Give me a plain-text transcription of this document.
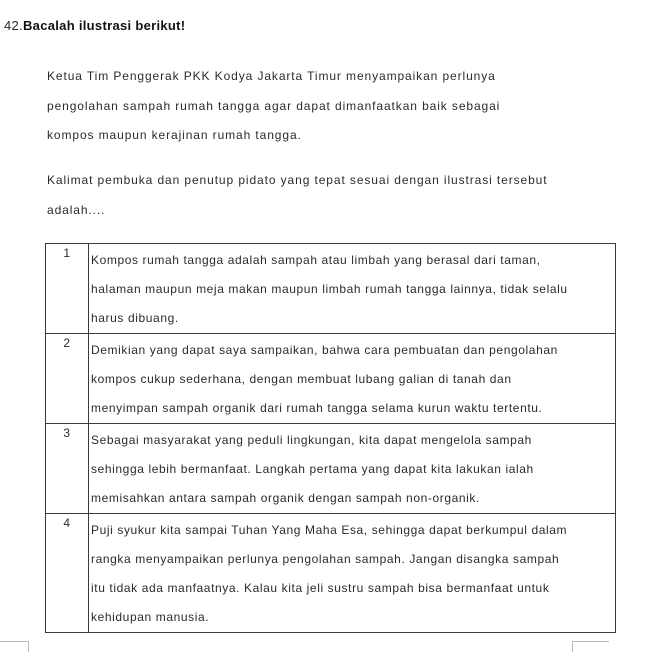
42.Bacalah ilustrasi berikut!
Ketua Tim Penggerak PKK Kodya Jakarta Timur menyampaikan perlunya
pengolahan sampah rumah tangga agar dapat dimanfaatkan baik sebagai
kompos maupun kerajinan rumah tangga.
Kalimat pembuka dan penutup pidato yang tepat sesuai dengan ilustrasi tersebut
adalah....
1	Kompos rumah tangga adalah sampah atau limbah yang berasal dari taman,
halaman maupun meja makan maupun limbah rumah tangga lainnya, tidak selalu
harus dibuang.

2	Demikian yang dapat saya sampaikan, bahwa cara pembuatan dan pengolahan
kompos cukup sederhana, dengan membuat lubang galian di tanah dan
menyimpan sampah organik dari rumah tangga selama kurun waktu tertentu.

3	Sebagai masyarakat yang peduli lingkungan, kita dapat mengelola sampah
sehingga lebih bermanfaat. Langkah pertama yang dapat kita lakukan ialah
memisahkan antara sampah organik dengan sampah non-organik.

4	Puji syukur kita sampai Tuhan Yang Maha Esa, sehingga dapat berkumpul dalam
rangka menyampaikan perlunya pengolahan sampah. Jangan disangka sampah
itu tidak ada manfaatnya. Kalau kita jeli sustru sampah bisa bermanfaat untuk
kehidupan manusia.
